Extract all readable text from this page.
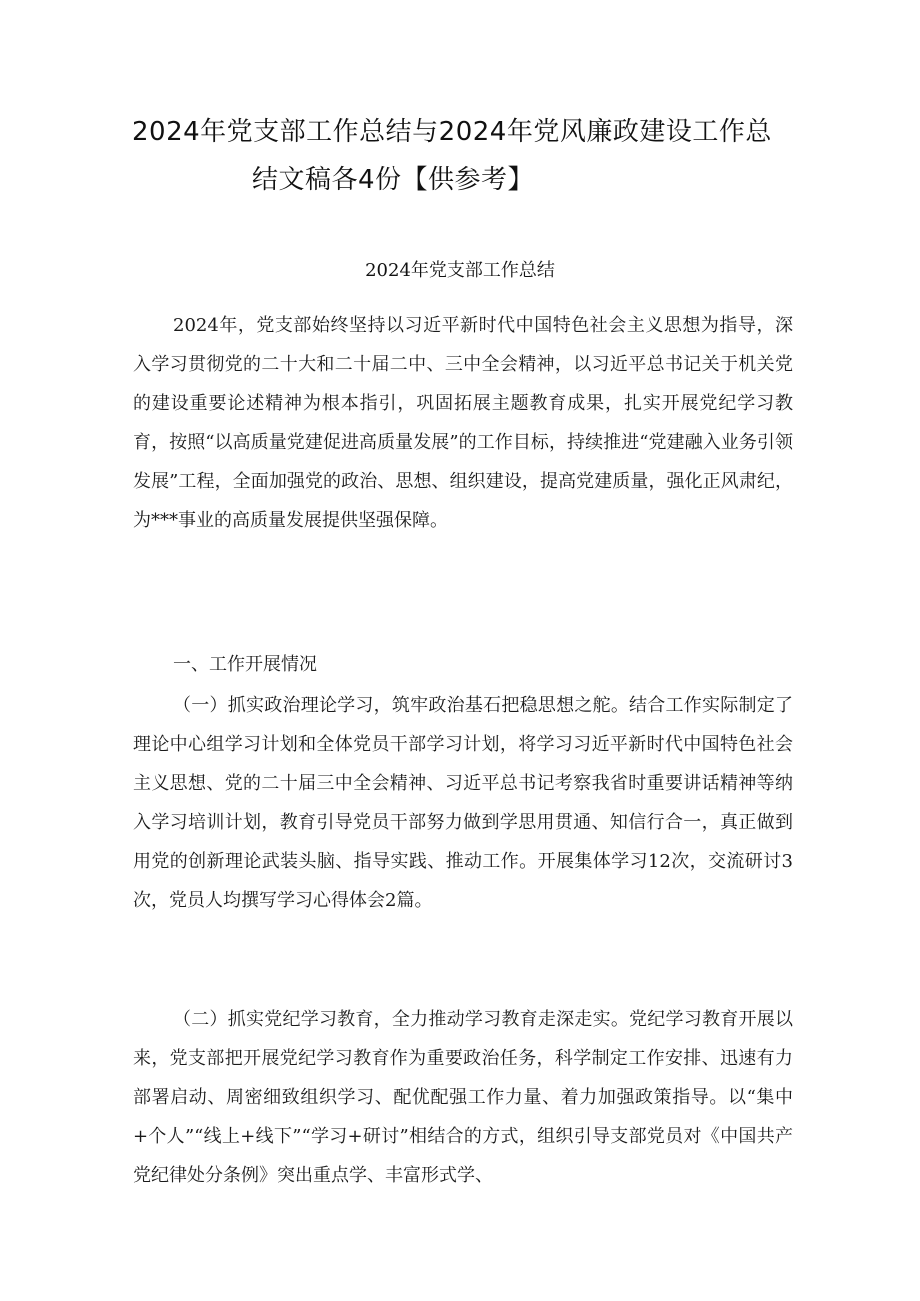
2024年党支部工作总结与2024年党风廉政建设工作总
结文稿各4份【供参考】
2024年党支部工作总结

2024年，党支部始终坚持以习近平新时代中国特色社会主义思想为指导，深入学习贯彻党的二十大和二十届二中、三中全会精神，以习近平总书记关于机关党的建设重要论述精神为根本指引，巩固拓展主题教育成果，扎实开展党纪学习教育，按照“以高质量党建促进高质量发展”的工作目标，持续推进“党建融入业务引领发展”工程，全面加强党的政治、思想、组织建设，提高党建质量，强化正风肃纪，为***事业的高质量发展提供坚强保障。

一、工作开展情况

（一）抓实政治理论学习，筑牢政治基石把稳思想之舵。结合工作实际制定了理论中心组学习计划和全体党员干部学习计划，将学习习近平新时代中国特色社会主义思想、党的二十届三中全会精神、习近平总书记考察我省时重要讲话精神等纳入学习培训计划，教育引导党员干部努力做到学思用贯通、知信行合一，真正做到用党的创新理论武装头脑、指导实践、推动工作。开展集体学习12次，交流研讨3次，党员人均撰写学习心得体会2篇。

（二）抓实党纪学习教育，全力推动学习教育走深走实。党纪学习教育开展以来，党支部把开展党纪学习教育作为重要政治任务，科学制定工作安排、迅速有力部署启动、周密细致组织学习、配优配强工作力量、着力加强政策指导。以“集中+个人”“线上+线下”“学习+研讨”相结合的方式，组织引导支部党员对《中国共产党纪律处分条例》突出重点学、丰富形式学、
